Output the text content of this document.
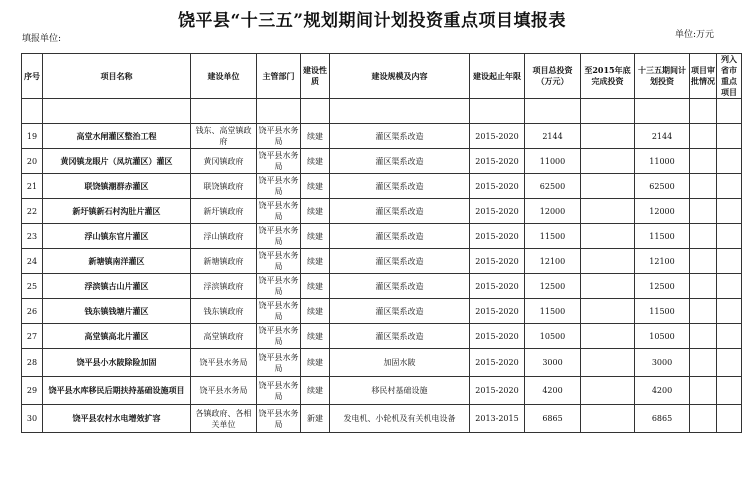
饶平县“十三五”规划期间计划投资重点项目填报表
填报单位:	单位:万元
序号	项目名称	建设单位	主管部门	建设性质	建设规模及内容	建设起止年限	项目总投资（万元）	至2015年底完成投资	十三五期间计划投资	项目审批情况	列入省市重点项目

19	高堂水闸灌区整治工程	钱东、高堂镇政府	饶平县水务局	续建	灌区渠系改造	2015-2020	2144		2144		
20	黄冈镇龙眼片（凤坑灌区）灌区	黄冈镇政府	饶平县水务局	续建	灌区渠系改造	2015-2020	11000		11000		
21	联饶镇潮群赤灌区	联饶镇政府	饶平县水务局	续建	灌区渠系改造	2015-2020	62500		62500		
22	新圩镇新石村沟肚片灌区	新圩镇政府	饶平县水务局	续建	灌区渠系改造	2015-2020	12000		12000		
23	浮山镇东官片灌区	浮山镇政府	饶平县水务局	续建	灌区渠系改造	2015-2020	11500		11500		
24	新塘镇南洋灌区	新塘镇政府	饶平县水务局	续建	灌区渠系改造	2015-2020	12100		12100		
25	浮滨镇古山片灌区	浮滨镇政府	饶平县水务局	续建	灌区渠系改造	2015-2020	12500		12500		
26	钱东镇钱塘片灌区	钱东镇政府	饶平县水务局	续建	灌区渠系改造	2015-2020	11500		11500		
27	高堂镇高北片灌区	高堂镇政府	饶平县水务局	续建	灌区渠系改造	2015-2020	10500		10500		
28	饶平县小水陂除险加固	饶平县水务局	饶平县水务局	续建	加固水陂	2015-2020	3000		3000		
29	饶平县水库移民后期扶持基础设施项目	饶平县水务局	饶平县水务局	续建	移民村基础设施	2015-2020	4200		4200		
30	饶平县农村水电增效扩容	各镇政府、各相关单位	饶平县水务局	新建	发电机、小轮机及有关机电设备	2013-2015	6865		6865		
